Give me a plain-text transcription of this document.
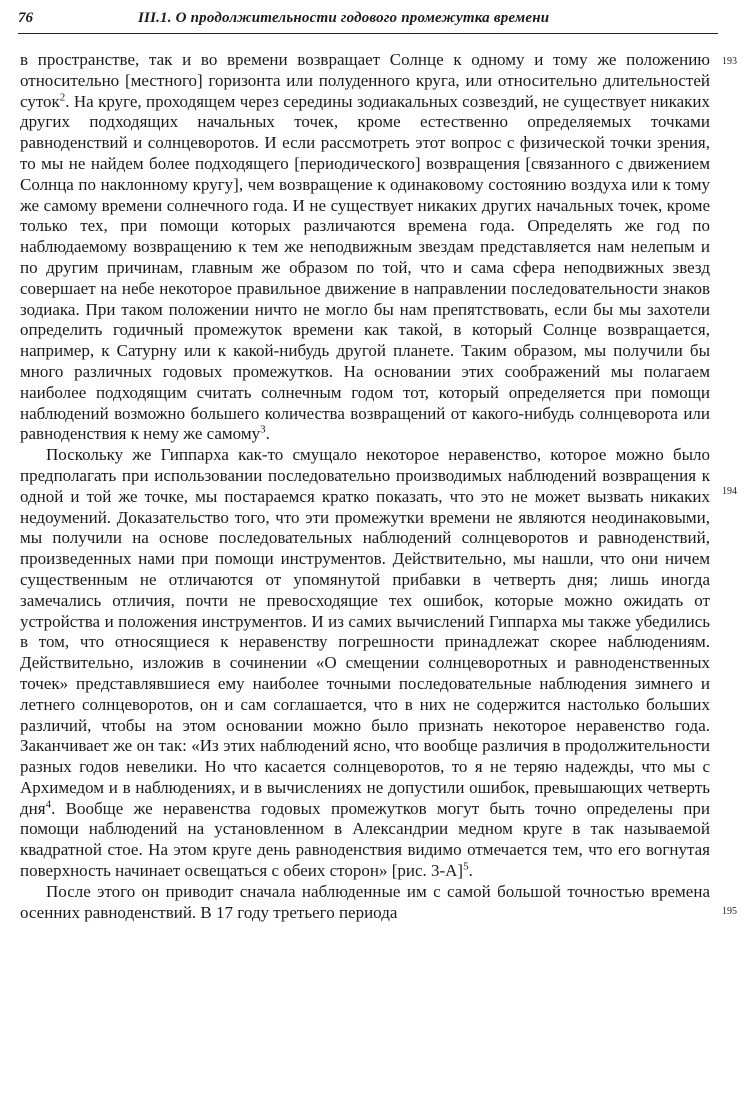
76	III.1. О продолжительности годового промежутка времени

в пространстве, так и во времени возвращает Солнце к одному и тому же положению относительно [местного] горизонта или полуденного круга, или относительно длительностей суток$^2$. На круге, проходящем через середины зодиакальных созвездий, не существует никаких других подходящих начальных точек, кроме естественно определяемых точками равноденствий и солнцеворотов. И если рассмотреть этот вопрос с физической точки зрения, то мы не найдем более подходящего [периодического] возвращения [связанного с движением Солнца по наклонному кругу], чем возвращение к одинаковому состоянию воздуха или к тому же самому времени солнечного года. И не существует никаких других начальных точек, кроме только тех, при помощи которых различаются времена года. Определять же год по наблюдаемому возвращению к тем же неподвижным звездам представляется нам нелепым и по другим причинам, главным же образом по той, что и сама сфера неподвижных звезд совершает на небе некоторое правильное движение в направлении последовательности знаков зодиака. При таком положении ничто не могло бы нам препятствовать, если бы мы захотели определить годичный промежуток времени как такой, в который Солнце возвращается, например, к Сатурну или к какой-нибудь другой планете. Таким образом, мы получили бы много различных годовых промежутков. На основании этих соображений мы полагаем наиболее подходящим считать солнечным годом тот, который определяется при помощи наблюдений возможно большего количества возвращений от какого-нибудь солнцеворота или равноденствия к нему же самому$^3$.

Поскольку же Гиппарха как-то смущало некоторое неравенство, которое можно было предполагать при использовании последовательно производимых наблюдений возвращения к одной и той же точке, мы постараемся кратко показать, что это не может вызвать никаких недоумений. Доказательство того, что эти промежутки времени не являются неодинаковыми, мы получили на основе последовательных наблюдений солнцеворотов и равноденствий, произведенных нами при помощи инструментов. Действительно, мы нашли, что они ничем существенным не отличаются от упомянутой прибавки в четверть дня; лишь иногда замечались отличия, почти не превосходящие тех ошибок, которые можно ожидать от устройства и положения инструментов. И из самих вычислений Гиппарха мы также убедились в том, что относящиеся к неравенству погрешности принадлежат скорее наблюдениям. Действительно, изложив в сочинении «О смещении солнцеворотных и равноденственных точек» представлявшиеся ему наиболее точными последовательные наблюдения зимнего и летнего солнцеворотов, он и сам соглашается, что в них не содержится настолько больших различий, чтобы на этом основании можно было признать некоторое неравенство года. Заканчивает же он так: «Из этих наблюдений ясно, что вообще различия в продолжительности разных годов невелики. Но что касается солнцеворотов, то я не теряю надежды, что мы с Архимедом и в наблюдениях, и в вычислениях не допустили ошибок, превышающих четверть дня$^4$. Вообще же неравенства годовых промежутков могут быть точно определены при помощи наблюдений на установленном в Александрии медном круге в так называемой квадратной стое. На этом круге день равноденствия видимо отмечается тем, что его вогнутая поверхность начинает освещаться с обеих сторон» [рис. 3-А]$^5$.

После этого он приводит сначала наблюденные им с самой большой точностью времена осенних равноденствий. В 17 году третьего периода

193
194
195
